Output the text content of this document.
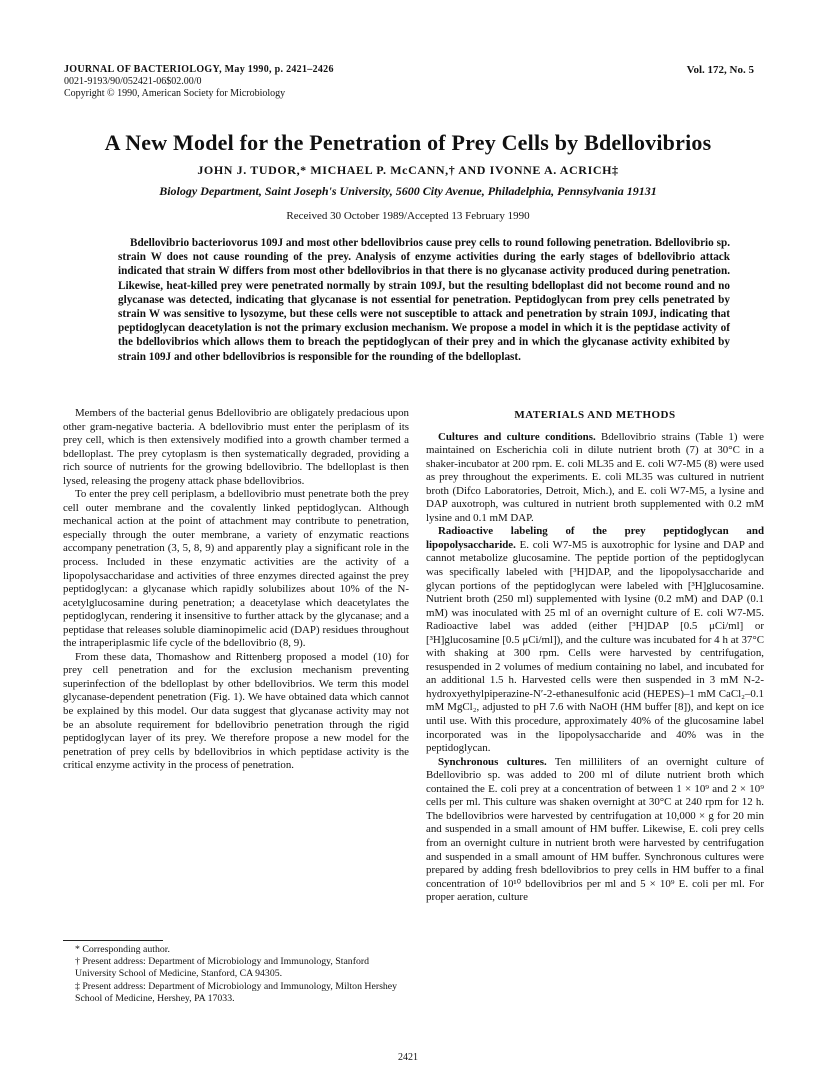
JOURNAL OF BACTERIOLOGY, May 1990, p. 2421–2426
0021-9193/90/052421-06$02.00/0
Copyright © 1990, American Society for Microbiology
Vol. 172, No. 5
A New Model for the Penetration of Prey Cells by Bdellovibrios
JOHN J. TUDOR,* MICHAEL P. McCANN,† AND IVONNE A. ACRICH‡
Biology Department, Saint Joseph's University, 5600 City Avenue, Philadelphia, Pennsylvania 19131
Received 30 October 1989/Accepted 13 February 1990

Bdellovibrio bacteriovorus 109J and most other bdellovibrios cause prey cells to round following penetration. Bdellovibrio sp. strain W does not cause rounding of the prey. Analysis of enzyme activities during the early stages of bdellovibrio attack indicated that strain W differs from most other bdellovibrios in that there is no glycanase activity produced during penetration. Likewise, heat-killed prey were penetrated normally by strain 109J, but the resulting bdelloplast did not become round and no glycanase was detected, indicating that glycanase is not essential for penetration. Peptidoglycan from prey cells penetrated by strain W was sensitive to lysozyme, but these cells were not susceptible to attack and penetration by strain 109J, indicating that peptidoglycan deacetylation is not the primary exclusion mechanism. We propose a model in which it is the peptidase activity of the bdellovibrios which allows them to breach the peptidoglycan of their prey and in which the glycanase activity exhibited by strain 109J and other bdellovibrios is responsible for the rounding of the bdelloplast.

Members of the bacterial genus Bdellovibrio are obligately predacious upon other gram-negative bacteria. A bdellovibrio must enter the periplasm of its prey cell, which is then extensively modified into a growth chamber termed a bdelloplast. The prey cytoplasm is then systematically degraded, providing a rich source of nutrients for the growing bdellovibrio. The bdelloplast is then lysed, releasing the progeny attack phase bdellovibrios.

To enter the prey cell periplasm, a bdellovibrio must penetrate both the prey cell outer membrane and the covalently linked peptidoglycan. Although mechanical action at the point of attachment may contribute to penetration, especially through the outer membrane, a variety of enzymatic reactions accompany penetration (3, 5, 8, 9) and apparently play a significant role in the process. Included in these enzymatic activities are the activity of a lipopolysaccharidase and activities of three enzymes directed against the prey peptidoglycan: a glycanase which rapidly solubilizes about 10% of the N-acetylglucosamine during penetration; a deacetylase which deacetylates the peptidoglycan, rendering it insensitive to further attack by the glycanase; and a peptidase that releases soluble diaminopimelic acid (DAP) residues throughout the intraperiplasmic life cycle of the bdellovibrio (8, 9).

From these data, Thomashow and Rittenberg proposed a model (10) for prey cell penetration and for the exclusion mechanism preventing superinfection of the bdelloplast by other bdellovibrios. We term this model glycanase-dependent penetration (Fig. 1). We have obtained data which cannot be explained by this model. Our data suggest that glycanase activity may not be an absolute requirement for bdellovibrio penetration through the rigid peptidoglycan layer of its prey. We therefore propose a new model for the penetration of prey cells by bdellovibrios in which peptidase activity is the critical enzyme activity in the process of penetration.

* Corresponding author.

† Present address: Department of Microbiology and Immunology, Stanford University School of Medicine, Stanford, CA 94305.

‡ Present address: Department of Microbiology and Immunology, Milton Hershey School of Medicine, Hershey, PA 17033.

MATERIALS AND METHODS

Cultures and culture conditions. Bdellovibrio strains (Table 1) were maintained on Escherichia coli in dilute nutrient broth (7) at 30°C in a shaker-incubator at 200 rpm. E. coli ML35 and E. coli W7-M5 (8) were used as prey throughout the experiments. E. coli ML35 was cultured in nutrient broth (Difco Laboratories, Detroit, Mich.), and E. coli W7-M5, a lysine and DAP auxotroph, was cultured in nutrient broth supplemented with 0.2 mM lysine and 0.1 mM DAP.

Radioactive labeling of the prey peptidoglycan and lipopolysaccharide. E. coli W7-M5 is auxotrophic for lysine and DAP and cannot metabolize glucosamine. The peptide portion of the peptidoglycan was specifically labeled with [³H]DAP, and the lipopolysaccharide and glycan portions of the peptidoglycan were labeled with [³H]glucosamine. Nutrient broth (250 ml) supplemented with lysine (0.2 mM) and DAP (0.1 mM) was inoculated with 25 ml of an overnight culture of E. coli W7-M5. Radioactive label was added (either [³H]DAP [0.5 μCi/ml] or [³H]glucosamine [0.5 μCi/ml]), and the culture was incubated for 4 h at 37°C with shaking at 300 rpm. Cells were harvested by centrifugation, resuspended in 2 volumes of medium containing no label, and incubated for an additional 1.5 h. Harvested cells were then suspended in 3 mM N-2-hydroxyethylpiperazine-N′-2-ethanesulfonic acid (HEPES)–1 mM CaCl₂–0.1 mM MgCl₂, adjusted to pH 7.6 with NaOH (HM buffer [8]), and kept on ice until use. With this procedure, approximately 40% of the glucosamine label incorporated was in the lipopolysaccharide and 40% was in the peptidoglycan.

Synchronous cultures. Ten milliliters of an overnight culture of Bdellovibrio sp. was added to 200 ml of dilute nutrient broth which contained the E. coli prey at a concentration of between 1 × 10⁹ and 2 × 10⁹ cells per ml. This culture was shaken overnight at 30°C at 240 rpm for 12 h. The bdellovibrios were harvested by centrifugation at 10,000 × g for 20 min and suspended in a small amount of HM buffer. Likewise, E. coli prey cells from an overnight culture in nutrient broth were harvested by centrifugation and suspended in a small amount of HM buffer. Synchronous cultures were prepared by adding fresh bdellovibrios to prey cells in HM buffer to a final concentration of 10¹⁰ bdellovibrios per ml and 5 × 10⁹ E. coli per ml. For proper aeration, culture

2421
